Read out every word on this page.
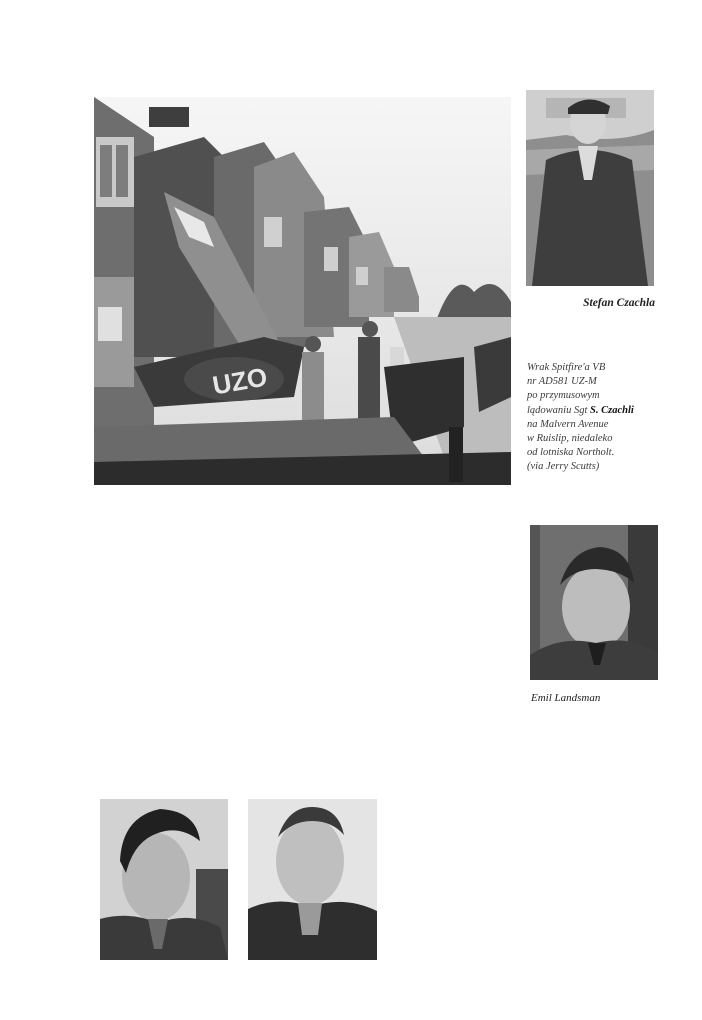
UZO
Stefan Czachla
Wrak Spitfire'a VB
nr AD581 UZ-M
po przymusowym
lądowaniu Sgt S. Czachli
na Malvern Avenue
w Ruislip, niedaleko
od lotniska Northolt.
(via Jerry Scutts)
Emil Landsman
